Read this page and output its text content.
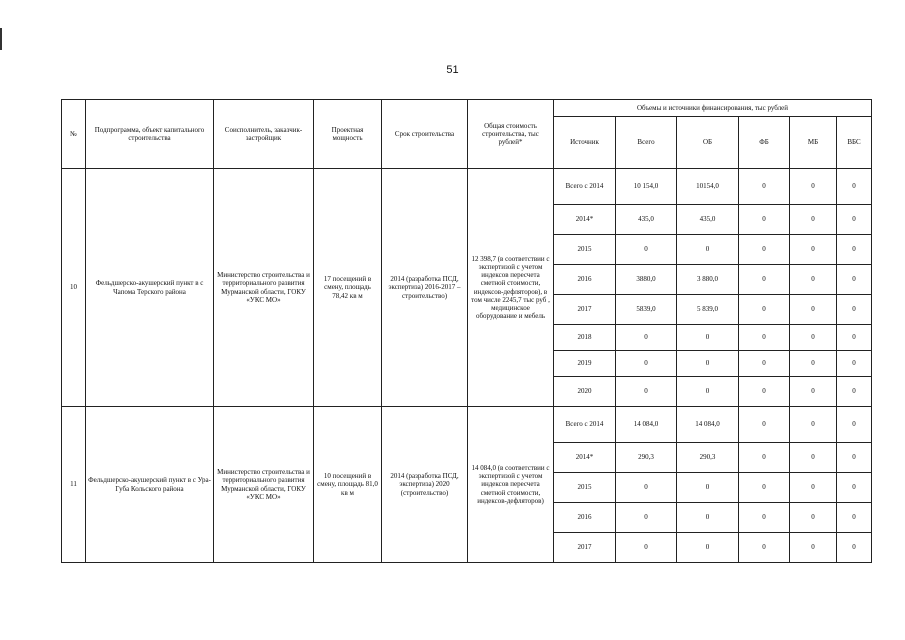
51
№	Подпрограмма, объект капитального строительства	Соисполнитель, заказчик-застройщик	Проектная мощность	Срок строительства	Общая стоимость строительства, тыс рублей*	Объемы и источники финансирования, тыс рублей					
						Источник	Всего	ОБ	ФБ	МБ	ВБС
10	Фельдшерско-акушерский пункт в с Чапома Терского района	Министерство строительства и территориального развития Мурманской области, ГОКУ «УКС МО»	17 посещений в смену, площадь 78,42 кв м	2014 (разработка ПСД, экспертиза) 2016-2017 – строительство)	12 398,7 (в соответствии с экспертизой с учетом индексов пересчета сметной стоимости, индексов-дефляторов), в том числе 2245,7 тыс руб , медицинское оборудование и мебель	Всего с 2014	10 154,0	10154,0	0	0	0
						2014*	435,0	435,0	0	0	0
						2015	0	0	0	0	0
						2016	3880,0	3 880,0	0	0	0
						2017	5839,0	5 839,0	0	0	0
						2018	0	0	0	0	0
						2019	0	0	0	0	0
						2020	0	0	0	0	0
11	Фельдшерско-акушерский пункт в с Ура-Губа Кольского района	Министерство строительства и территориального развития Мурманской области, ГОКУ «УКС МО»	10 посещений в смену, площадь 81,0 кв м	2014 (разработка ПСД, экспертиза) 2020 (строительство)	14 084,0 (в соответствии с экспертизой с учетом индексов пересчета сметной стоимости, индексов-дефляторов)	Всего с 2014	14 084,0	14 084,0	0	0	0
						2014*	290,3	290,3	0	0	0
						2015	0	0	0	0	0
						2016	0	0	0	0	0
						2017	0	0	0	0	0
